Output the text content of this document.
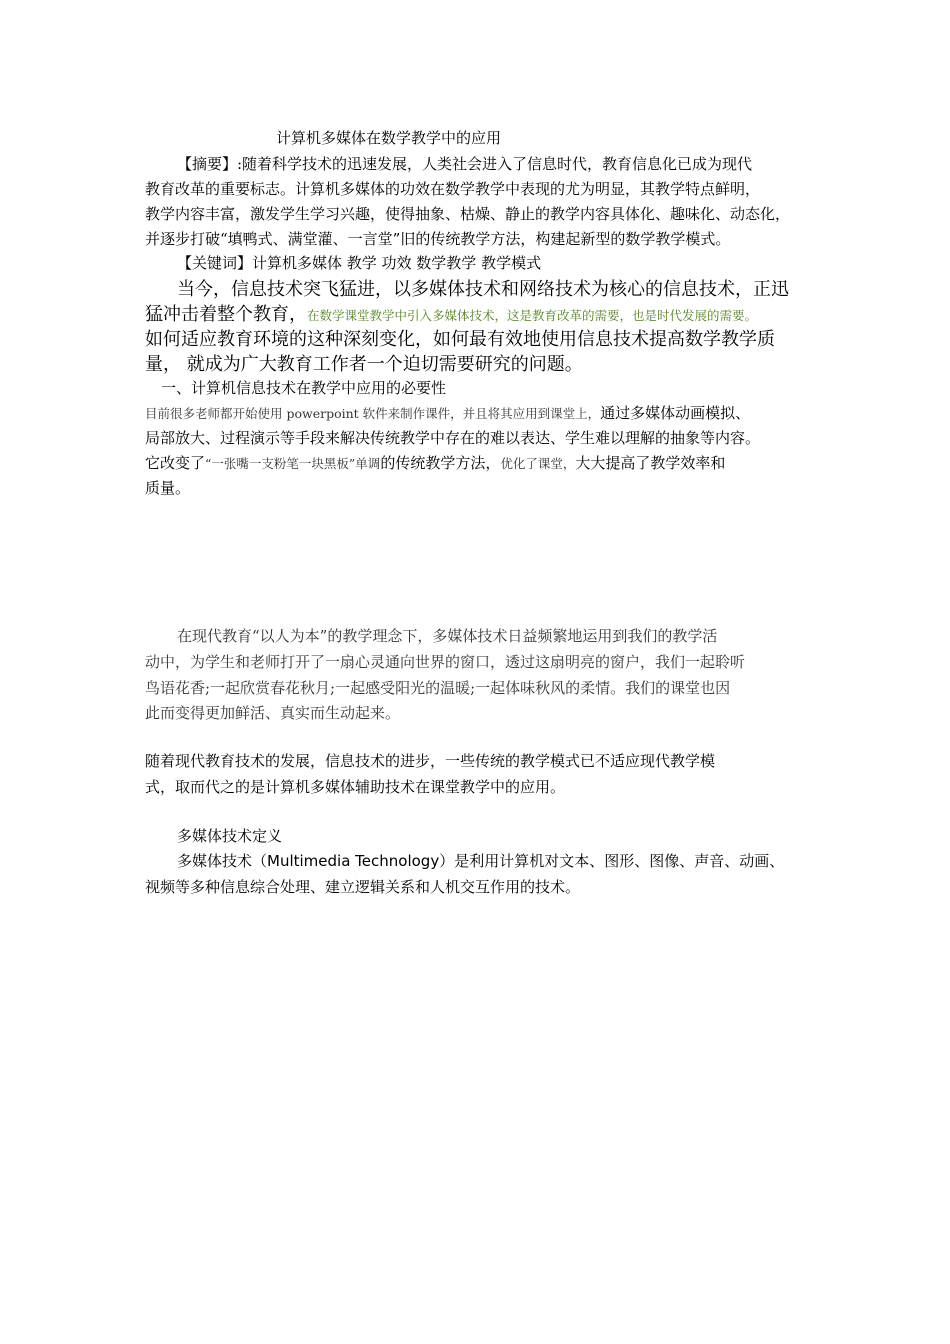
计算机多媒体在数学教学中的应用
【摘要】:随着科学技术的迅速发展，人类社会进入了信息时代，教育信息化已成为现代
教育改革的重要标志。计算机多媒体的功效在数学教学中表现的尤为明显，其教学特点鲜明，
教学内容丰富，激发学生学习兴趣，使得抽象、枯燥、静止的教学内容具体化、趣味化、动态化，
并逐步打破“填鸭式、满堂灌、一言堂”旧的传统教学方法，构建起新型的数学教学模式。
【关键词】计算机多媒体 教学 功效 数学教学 教学模式
当今，信息技术突飞猛进，以多媒体技术和网络技术为核心的信息技术，正迅
猛冲击着整个教育，在数学课堂教学中引入多媒体技术，这是教育改革的需要，也是时代发展的需要。
如何适应教育环境的这种深刻变化，如何最有效地使用信息技术提高数学教学质
量， 就成为广大教育工作者一个迫切需要研究的问题。
一、计算机信息技术在教学中应用的必要性
目前很多老师都开始使用 powerpoint 软件来制作课件，并且将其应用到课堂上，通过多媒体动画模拟、
局部放大、过程演示等手段来解决传统教学中存在的难以表达、学生难以理解的抽象等内容。
它改变了“一张嘴一支粉笔一块黑板”单调的传统教学方法，优化了课堂，大大提高了教学效率和
质量。
在现代教育“以人为本”的教学理念下，多媒体技术日益频繁地运用到我们的教学活
动中，为学生和老师打开了一扇心灵通向世界的窗口，透过这扇明亮的窗户，我们一起聆听
鸟语花香;一起欣赏春花秋月;一起感受阳光的温暖;一起体味秋风的柔情。我们的课堂也因
此而变得更加鲜活、真实而生动起来。
随着现代教育技术的发展，信息技术的进步，一些传统的教学模式已不适应现代教学模
式，取而代之的是计算机多媒体辅助技术在课堂教学中的应用。
多媒体技术定义
多媒体技术（Multimedia Technology）是利用计算机对文本、图形、图像、声音、动画、
视频等多种信息综合处理、建立逻辑关系和人机交互作用的技术。
